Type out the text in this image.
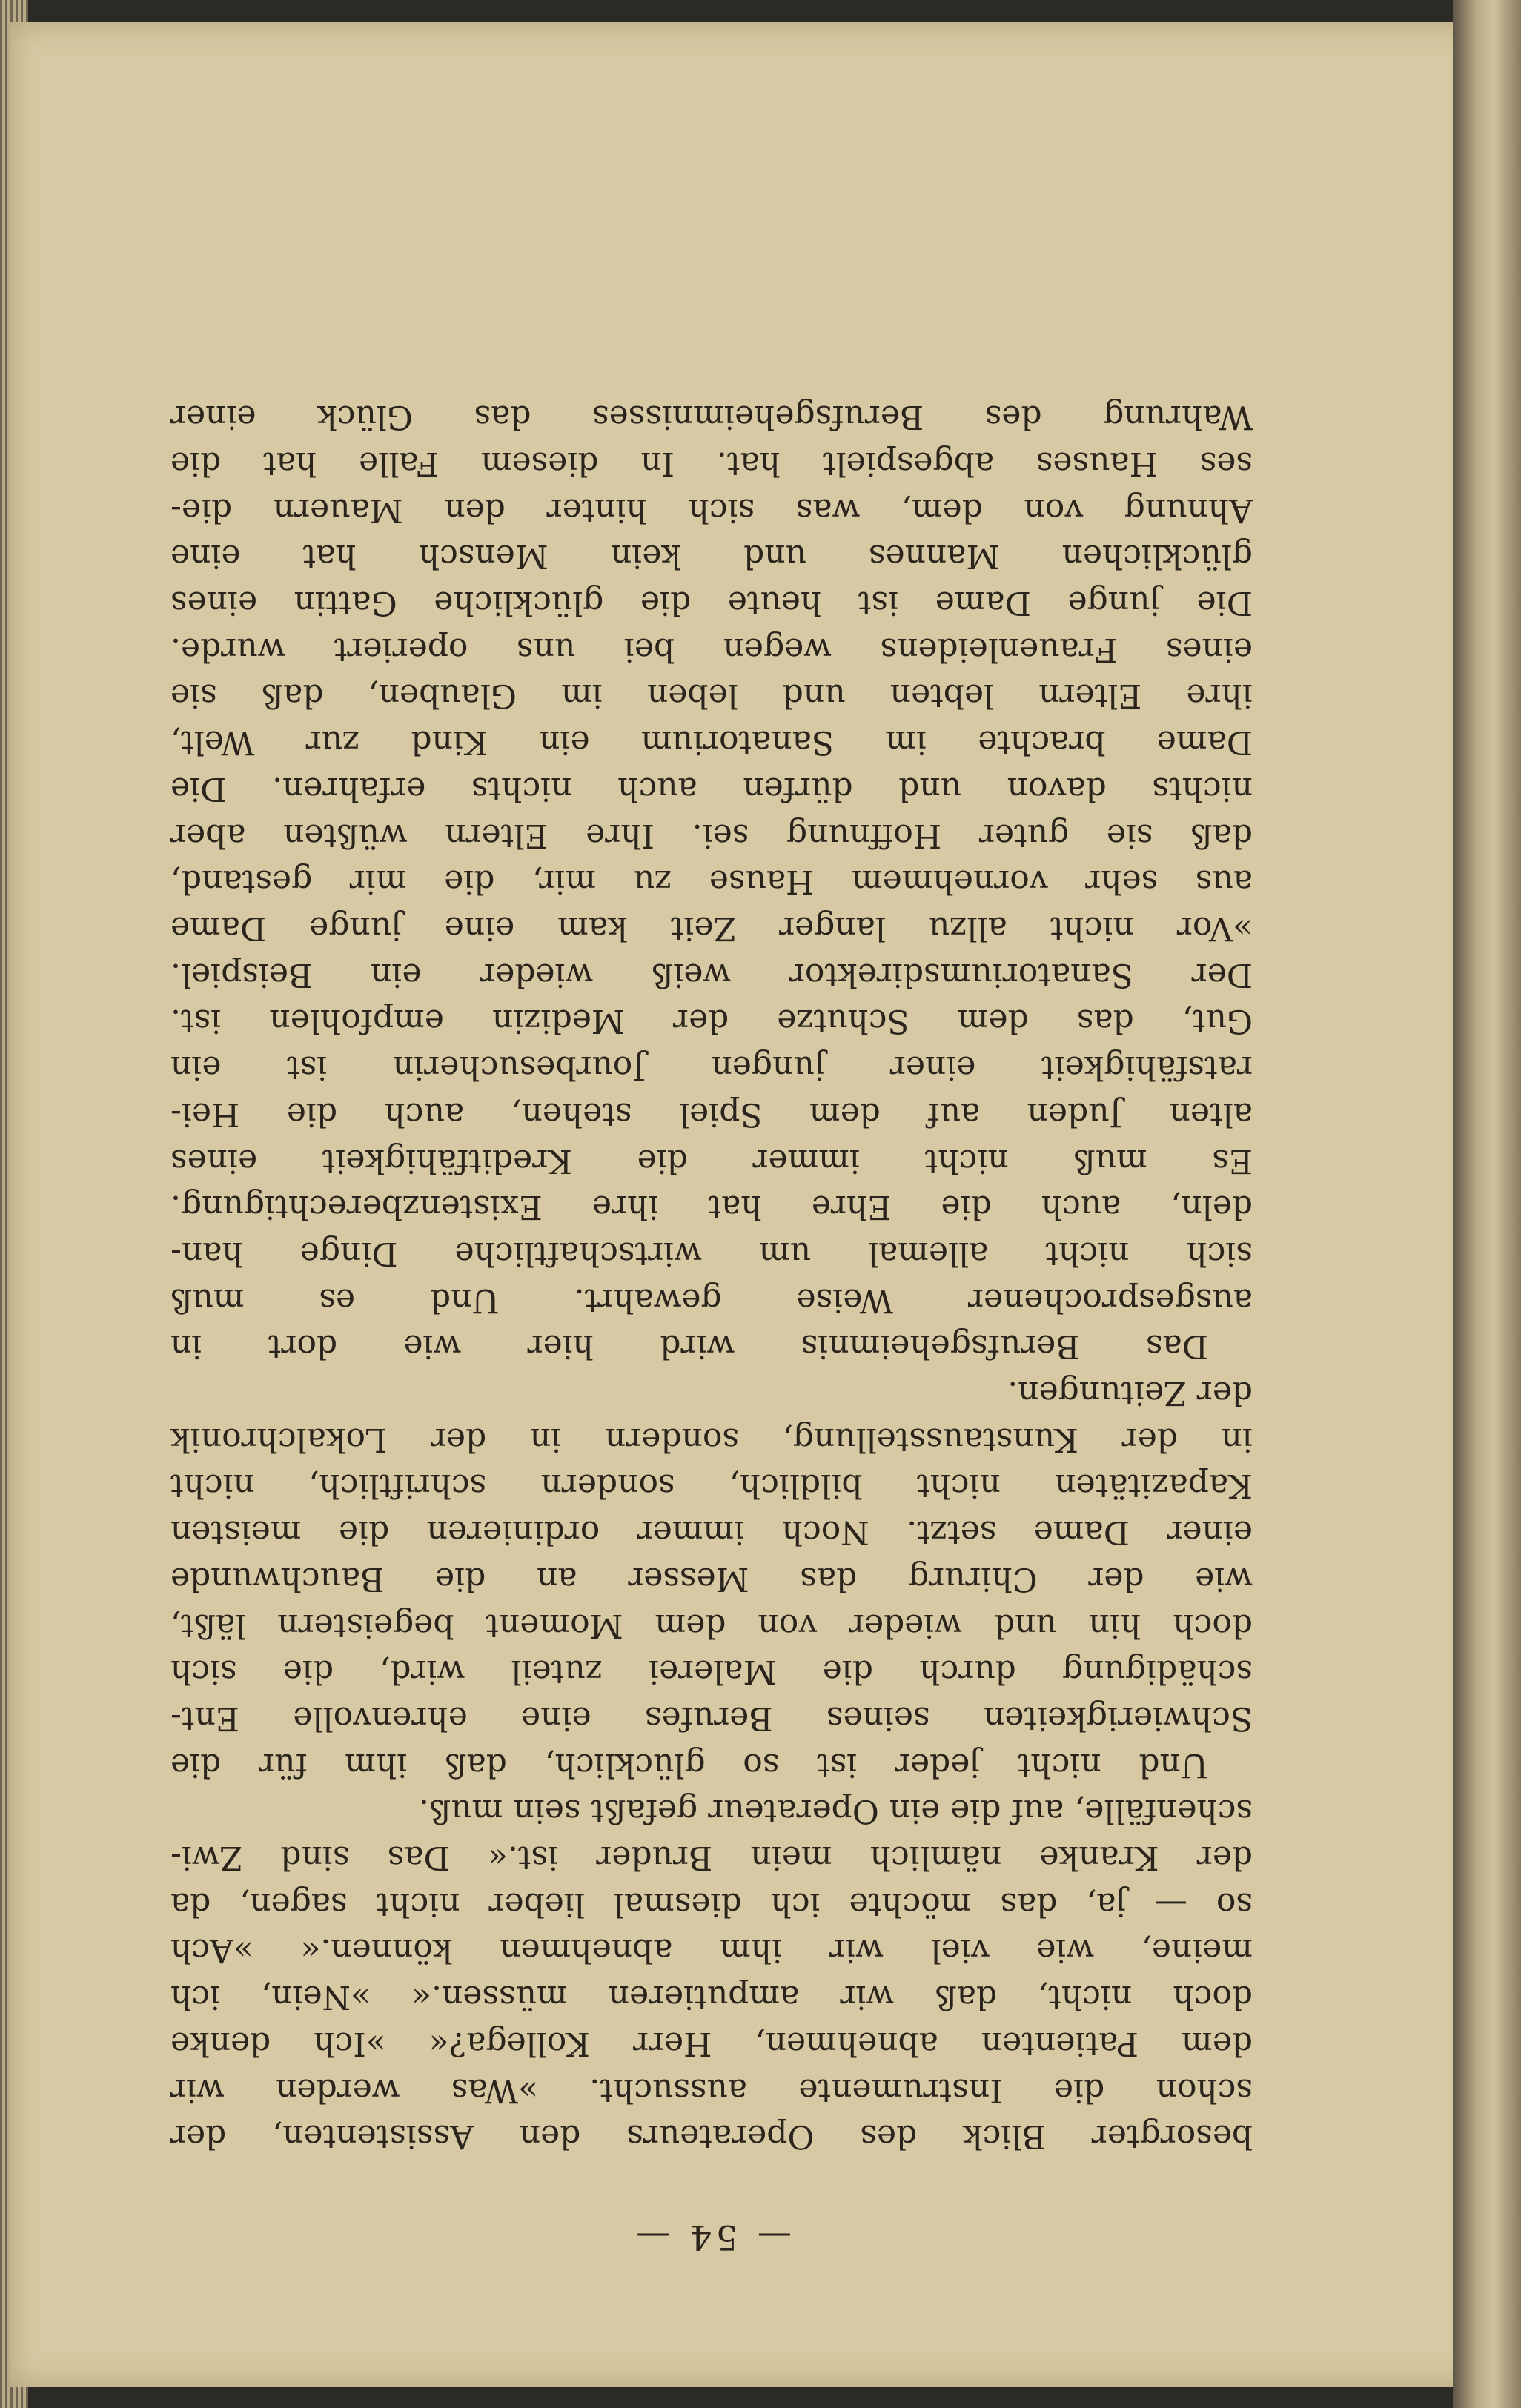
— 54 —
besorgter Blick des Operateurs den Assistenten, der
schon die Instrumente aussucht. »Was werden wir
dem Patienten abnehmen, Herr Kollega?« »Ich denke
doch nicht, daß wir amputieren müssen.« »Nein, ich
meine, wie viel wir ihm abnehmen können.« »Ach
so — ja, das möchte ich diesmal lieber nicht sagen, da
der Kranke nämlich mein Bruder ist.« Das sind Zwi-
schenfälle, auf die ein Operateur gefaßt sein muß.
Und nicht jeder ist so glücklich, daß ihm für die
Schwierigkeiten seines Berufes eine ehrenvolle Ent-
schädigung durch die Malerei zuteil wird, die sich
doch hin und wieder von dem Moment begeistern läßt,
wie der Chirurg das Messer an die Bauchwunde
einer Dame setzt. Noch immer ordinieren die meisten
Kapazitäten nicht bildlich, sondern schriftlich, nicht
in der Kunstausstellung, sondern in der Lokalchronik
der Zeitungen.
Das Berufsgeheimnis wird hier wie dort in
ausgesprochener Weise gewahrt. Und es muß
sich nicht allemal um wirtschaftliche Dinge han-
deln, auch die Ehre hat ihre Existenzberechtigung.
Es muß nicht immer die Kreditfähigkeit eines
alten Juden auf dem Spiel stehen, auch die Hei-
ratsfähigkeit einer jungen Jourbesucherin ist ein
Gut, das dem Schutze der Medizin empfohlen ist.
Der Sanatoriumsdirektor weiß wieder ein Beispiel.
»Vor nicht allzu langer Zeit kam eine junge Dame
aus sehr vornehmem Hause zu mir, die mir gestand,
daß sie guter Hoffnung sei. Ihre Eltern wüßten aber
nichts davon und dürfen auch nichts erfahren. Die
Dame brachte im Sanatorium ein Kind zur Welt,
ihre Eltern lebten und leben im Glauben, daß sie
eines Frauenleidens wegen bei uns operiert wurde.
Die junge Dame ist heute die glückliche Gattin eines
glücklichen Mannes und kein Mensch hat eine
Ahnung von dem, was sich hinter den Mauern die-
ses Hauses abgespielt hat. In diesem Falle hat die
Wahrung des Berufsgeheimnisses das Glück einer
